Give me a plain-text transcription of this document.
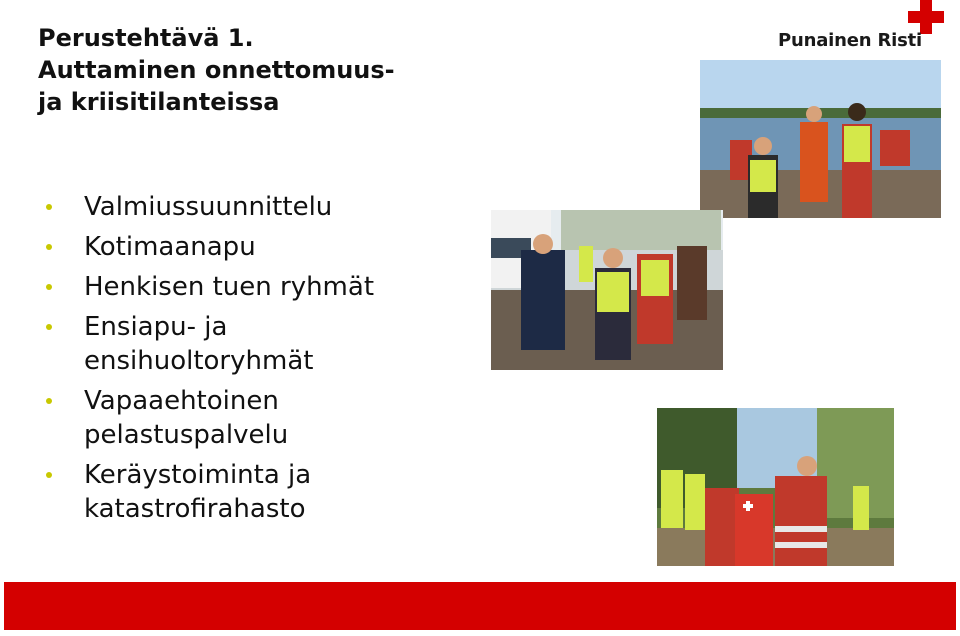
Perustehtävä 1.
Auttaminen onnettomuus-
ja kriisitilanteissa
Punainen Risti
Valmiussuunnittelu
Kotimaanapu
Henkisen tuen ryhmät
Ensiapu- ja
ensihuoltoryhmät
Vapaaehtoinen
pelastuspalvelu
Keräystoiminta ja
katastrofirahasto
